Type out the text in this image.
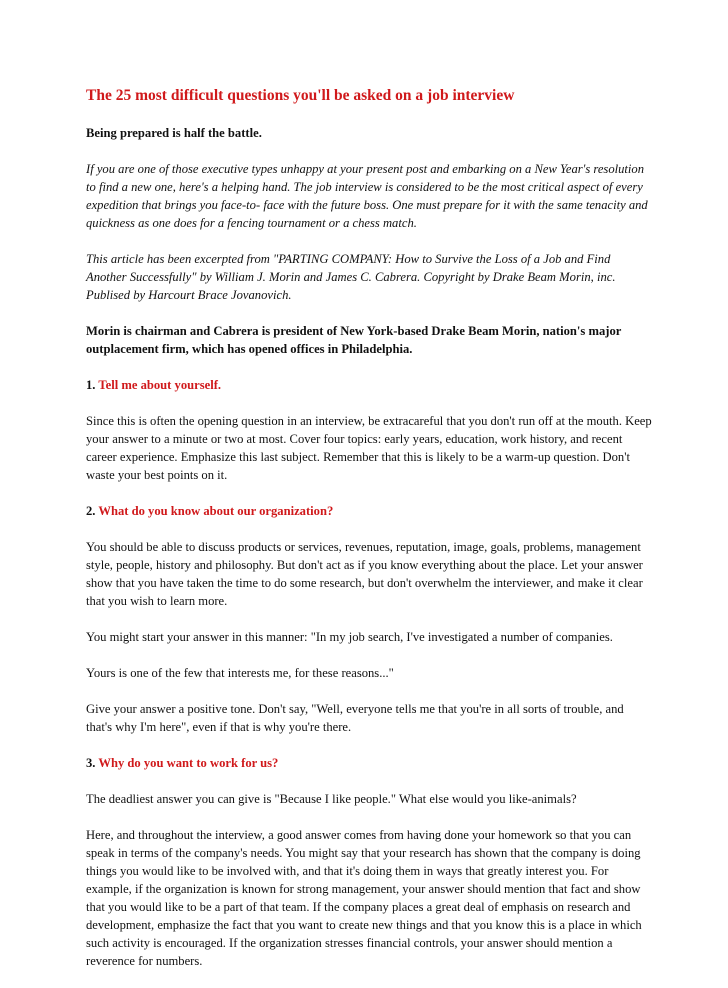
The 25 most difficult questions you'll be asked on a job interview

Being prepared is half the battle.

If you are one of those executive types unhappy at your present post and embarking on a New Year's resolution to find a new one, here's a helping hand. The job interview is considered to be the most critical aspect of every expedition that brings you face-to- face with the future boss. One must prepare for it with the same tenacity and quickness as one does for a fencing tournament or a chess match.

This article has been excerpted from "PARTING COMPANY: How to Survive the Loss of a Job and Find Another Successfully" by William J. Morin and James C. Cabrera. Copyright by Drake Beam Morin, inc. Publised by Harcourt Brace Jovanovich.

Morin is chairman and Cabrera is president of New York-based Drake Beam Morin, nation's major outplacement firm, which has opened offices in Philadelphia.

1. Tell me about yourself.

Since this is often the opening question in an interview, be extracareful that you don't run off at the mouth. Keep your answer to a minute or two at most. Cover four topics: early years, education, work history, and recent career experience. Emphasize this last subject. Remember that this is likely to be a warm-up question. Don't waste your best points on it.

2. What do you know about our organization?

You should be able to discuss products or services, revenues, reputation, image, goals, problems, management style, people, history and philosophy. But don't act as if you know everything about the place. Let your answer show that you have taken the time to do some research, but don't overwhelm the interviewer, and make it clear that you wish to learn more.

You might start your answer in this manner: "In my job search, I've investigated a number of companies.

Yours is one of the few that interests me, for these reasons..."

Give your answer a positive tone. Don't say, "Well, everyone tells me that you're in all sorts of trouble, and that's why I'm here", even if that is why you're there.

3. Why do you want to work for us?

The deadliest answer you can give is "Because I like people." What else would you like-animals?

Here, and throughout the interview, a good answer comes from having done your homework so that you can speak in terms of the company's needs. You might say that your research has shown that the company is doing things you would like to be involved with, and that it's doing them in ways that greatly interest you. For example, if the organization is known for strong management, your answer should mention that fact and show that you would like to be a part of that team. If the company places a great deal of emphasis on research and development, emphasize the fact that you want to create new things and that you know this is a place in which such activity is encouraged. If the organization stresses financial controls, your answer should mention a reverence for numbers.
